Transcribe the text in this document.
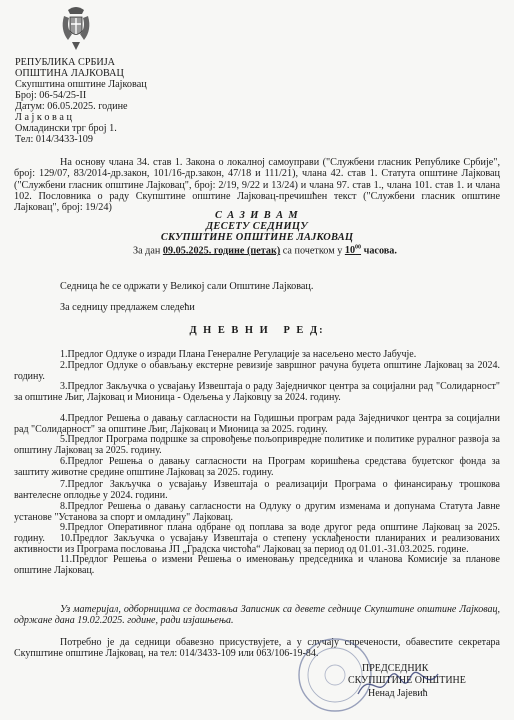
РЕПУБЛИКА СРБИЈА
ОПШТИНА ЛАЈКОВАЦ
Скупштина општине Лајковац
Број: 06-54/25-II
Датум: 06.05.2025. године
Л а ј к о в а ц
Омладински трг број 1.
Тел: 014/3433-109
На основу члана 34. став 1. Закона о локалној самоуправи ("Службени гласник Републике Србије", број: 129/07, 83/2014-др.закон, 101/16-др.закон, 47/18 и 111/21), члана 42. став 1. Статута општине Лајковац ("Службени гласник општине Лајковац", број: 2/19, 9/22 и 13/24) и члана 97. став 1., члана 101. став 1. и члана 102. Пословника о раду Скупштине општине Лајковац-пречишћен текст ("Службени гласник општине Лајковац", број: 19/24)
С А З И В А М
ДЕСЕТУ СЕДНИЦУ
СКУПШТИНЕ ОПШТИНЕ ЛАЈКОВАЦ
За дан 09.05.2025. године (петак) са почетком у $10^{00}$ часова.
Седница ће се одржати у Великој сали Општине Лајковац.
За седницу предлажем следећи
Д Н Е В Н И   Р Е Д:
1.Предлог Одлуке о изради Плана Генералне Регулације за насељено место Јабучје.
2.Предлог Одлуке о обављању екстерне ревизије завршног рачуна буџета општине Лајковац за 2024. годину.
3.Предлог Закључка о усвајању Извештаја о раду Заједничког центра за социјални рад "Солидарност" за општине Љиг, Лајковац и Мионица - Одељења у Лајковцу за 2024. годину.
4.Предлог Решења о давању сагласности на Годишњи програм рада Заједничког центра за социјални рад "Солидарност" за општине Љиг, Лајковац и Мионица за 2025. годину.
5.Предлог Програма подршке за спровођење пољопривредне политике и политике руралног развоја за општину Лајковац за 2025. годину.
6.Предлог Решења о давању сагласности на Програм коришћења средстава буџетског фонда за заштиту животне средине општине Лајковац за 2025. годину.
7.Предлог Закључка о усвајању Извештаја о реализацији Програма о финансирању трошкова вантелесне оплодње у 2024. години.
8.Предлог Решења о давању сагласности на Одлуку о другим изменама и допунама Статута Јавне установе "Установа за спорт и омладину" Лајковац.
9.Предлог Оперативног плана одбране од поплава за воде другог реда општине Лајковац за 2025. годину.	10.Предлог Закључка о усвајању Извештаја о степену усклађености планираних и реализованих активности из Програма пословања ЈП „Градска чистоћа“ Лајковац за период од 01.01.-31.03.2025. године.
11.Предлог Решења о измени Решења о именовању председника и чланова Комисије за планове општине Лајковац.
Уз материјал, одборницима се доставља Записник са девете седнице Скупштине општине Лајковац, одржане дана 19.02.2025. године, ради изјашњења.
Потребно је да седници обавезно присуствујете, а у случају спречености, обавестите секретара Скупштине општине Лајковац, на тел: 014/3433-109 или 063/106-19-84.
ПРЕДСЕДНИК
СКУПШТИНЕ ОПШТИНЕ
Ненад Јајевић
